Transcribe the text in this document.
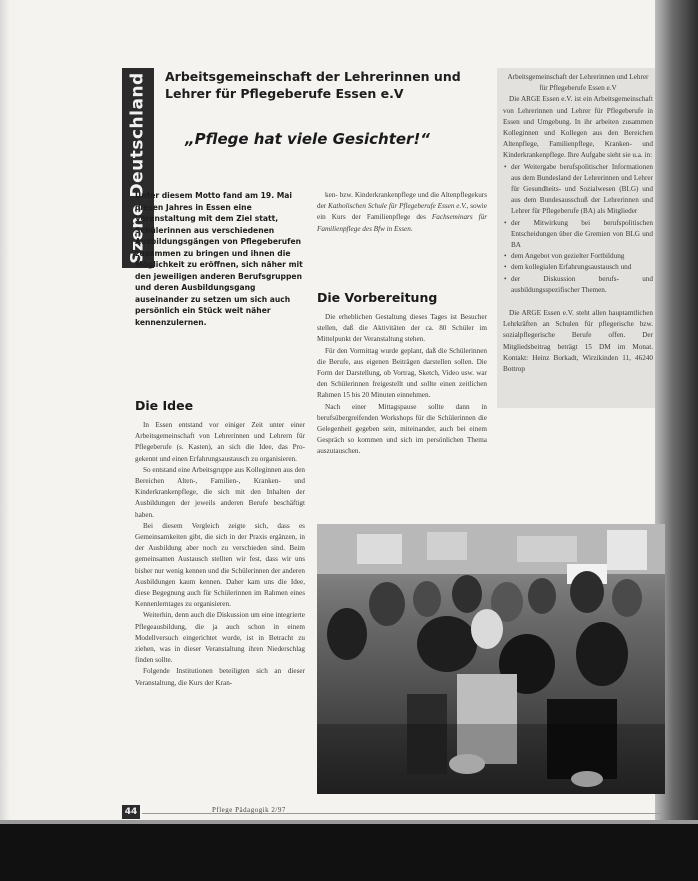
Szene Deutschland Arbeitsgemeinschaft der Lehrerinnen und Lehrer für Pflegeberufe Essen e.V
„Pflege hat viele Gesichter!“

Unter diesem Motto fand am 19. Mai diesen Jahres in Essen eine Veranstaltung mit dem Ziel statt, Schülerinnen aus verschiedenen Ausbildungsgängen von Pflegeberufen zusammen zu bringen und ihnen die Möglichkeit zu eröffnen, sich näher mit den jeweiligen anderen Berufsgruppen und deren Ausbildungsgang auseinander zu setzen um sich auch persönlich ein Stück weit näher kennenzulernen.

Die Idee

In Essen entstand vor einiger Zeit unter einer Arbeitsgemeinschaft von Lehrerinnen und Lehrern für Pflegeberufe (s. Kasten), an sich die Idee, das Pro- gekennt und einen Erfahrungsaustausch zu organisieren.

So entstand eine Arbeitsgruppe aus Kolleginnen aus den Bereichen Alten-, Familien-, Kranken- und Kinderkrankenpflege, die sich mit den Inhalten der Ausbildungen der jeweils anderen Berufe beschäftigt haben.

Bei diesem Vergleich zeigte sich, dass es Gemeinsamkeiten gibt, die sich in der Praxis ergänzen, in der Ausbildung aber noch zu verschieden sind. Beim gemeinsamen Austausch stellten wir fest, dass wir uns bisher nur wenig kennen und die Schülerinnen der anderen Ausbildungen kaum kennen. Daher kam uns die Idee, diese Begegnung auch für Schülerinnen im Rahmen eines Kennenlerntages zu organisieren.

Weiterhin, denn auch die Diskussion um eine integrierte Pflegeausbildung, die ja auch schon in einem Modellversuch eingerichtet wurde, ist in Betracht zu ziehen, was in dieser Veranstaltung ihren Niederschlag finden sollte.

Folgende Institutionen beteiligten sich an dieser Veranstaltung, die Kurs der Kran-

ken- bzw. Kinderkrankenpflege und die Altenpflegekurs der Katholischen Schule für Pflegeberufe Essen e.V., sowie ein Kurs der Familienpflege des Fachseminars für Familienpflege des Bfw in Essen.

Die Vorbereitung

Die erheblichen Gestaltung dieses Tages ist Besucher stellen, daß die Aktivitäten der ca. 80 Schüler im Mittelpunkt der Veranstaltung stehen.

Für den Vormittag wurde geplant, daß die Schülerinnen die Berufe, aus eigenen Beiträgen darstellen sollen. Die Form der Darstellung, ob Vortrag, Sketch, Video usw. war den Schülerinnen freigestellt und sollte einen zeitlichen Rahmen 15 bis 20 Minuten einnehmen.

Nach einer Mittagspause sollte dann in berufsübergreifenden Workshops für die Schülerinnen die Gelegenheit gegeben sein, miteinander, auch bei einem Gespräch so kommen und sich im persönlichen Thema auszutauschen.

Arbeitsgemeinschaft der Lehrerinnen und Lehrer für Pflegeberufe Essen e.V

Die ARGE Essen e.V. ist ein Arbeitsgemeinschaft von Lehrerinnen und Lehrer für Pflegeberufe in Essen und Umgebung. In ihr arbeiten zusammen Kolleginnen und Kollegen aus den Bereichen Altenpflege, Familienpflege, Kranken- und Kinderkrankenpflege. Ihre Aufgabe sieht sie u.a. in:

• der Weitergabe berufspolitischer Informationen aus dem Bundesland der Lehrerinnen und Lehrer für Gesundheits- und Sozialwesen (BLG) und aus dem Bundesausschuß der Lehrerinnen und Lehrer für Pflegeberufe (BA) als Mitglieder
• der Mitwirkung bei berufspolitischen Entscheidungen über die Gremien von BLG und BA
• dem Angebot von gezielter Fortbildung
• dem kollegialen Erfahrungsaustausch und
• der Diskussion berufs- und ausbildungsspezifischer Themen.

Die ARGE Essen e.V. steht allen hauptamtlichen Lehrkräften an Schulen für pflegerische bzw. sozialpflegerische Berufe offen. Der Mitgliedsbeitrag beträgt 15 DM im Monat. Kontakt: Heinz Borkadt, Wirzikinden 11, 46240 Bottrop

44	Pflege Pädagogik 2/97
